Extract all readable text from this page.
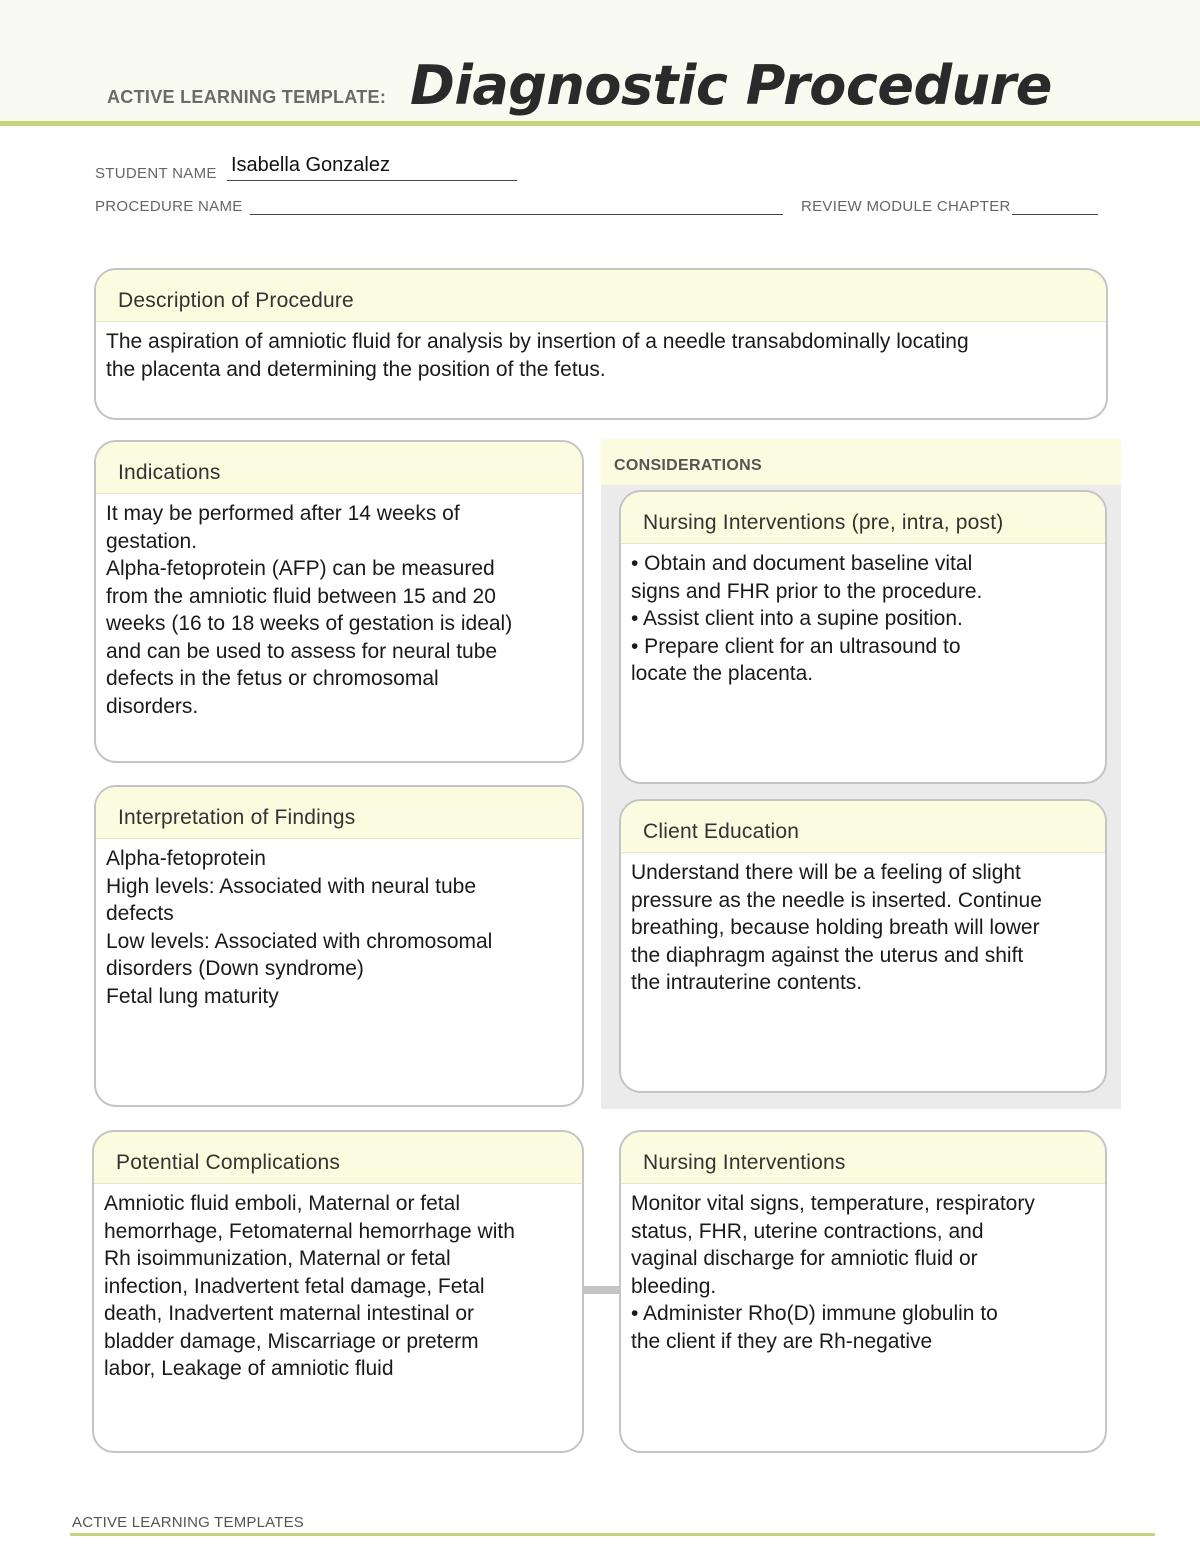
ACTIVE LEARNING TEMPLATE: Diagnostic Procedure
STUDENT NAME Isabella Gonzalez
PROCEDURE NAME	REVIEW MODULE CHAPTER
Description of Procedure
The aspiration of amniotic fluid for analysis by insertion of a needle transabdominally locating
the placenta and determining the position of the fetus.
Indications
It may be performed after 14 weeks of
gestation.
Alpha-fetoprotein (AFP) can be measured
from the amniotic fluid between 15 and 20
weeks (16 to 18 weeks of gestation is ideal)
and can be used to assess for neural tube
defects in the fetus or chromosomal
disorders.
CONSIDERATIONS
Nursing Interventions (pre, intra, post)
• Obtain and document baseline vital
signs and FHR prior to the procedure.
• Assist client into a supine position.
• Prepare client for an ultrasound to
locate the placenta.
Interpretation of Findings
Alpha-fetoprotein
High levels: Associated with neural tube
defects
Low levels: Associated with chromosomal
disorders (Down syndrome)
Fetal lung maturity
Client Education
Understand there will be a feeling of slight
pressure as the needle is inserted. Continue
breathing, because holding breath will lower
the diaphragm against the uterus and shift
the intrauterine contents.
Potential Complications
Amniotic fluid emboli, Maternal or fetal
hemorrhage, Fetomaternal hemorrhage with
Rh isoimmunization, Maternal or fetal
infection, Inadvertent fetal damage, Fetal
death, Inadvertent maternal intestinal or
bladder damage, Miscarriage or preterm
labor, Leakage of amniotic fluid
Nursing Interventions
Monitor vital signs, temperature, respiratory
status, FHR, uterine contractions, and
vaginal discharge for amniotic fluid or
bleeding.
• Administer Rho(D) immune globulin to
the client if they are Rh-negative
ACTIVE LEARNING TEMPLATES
